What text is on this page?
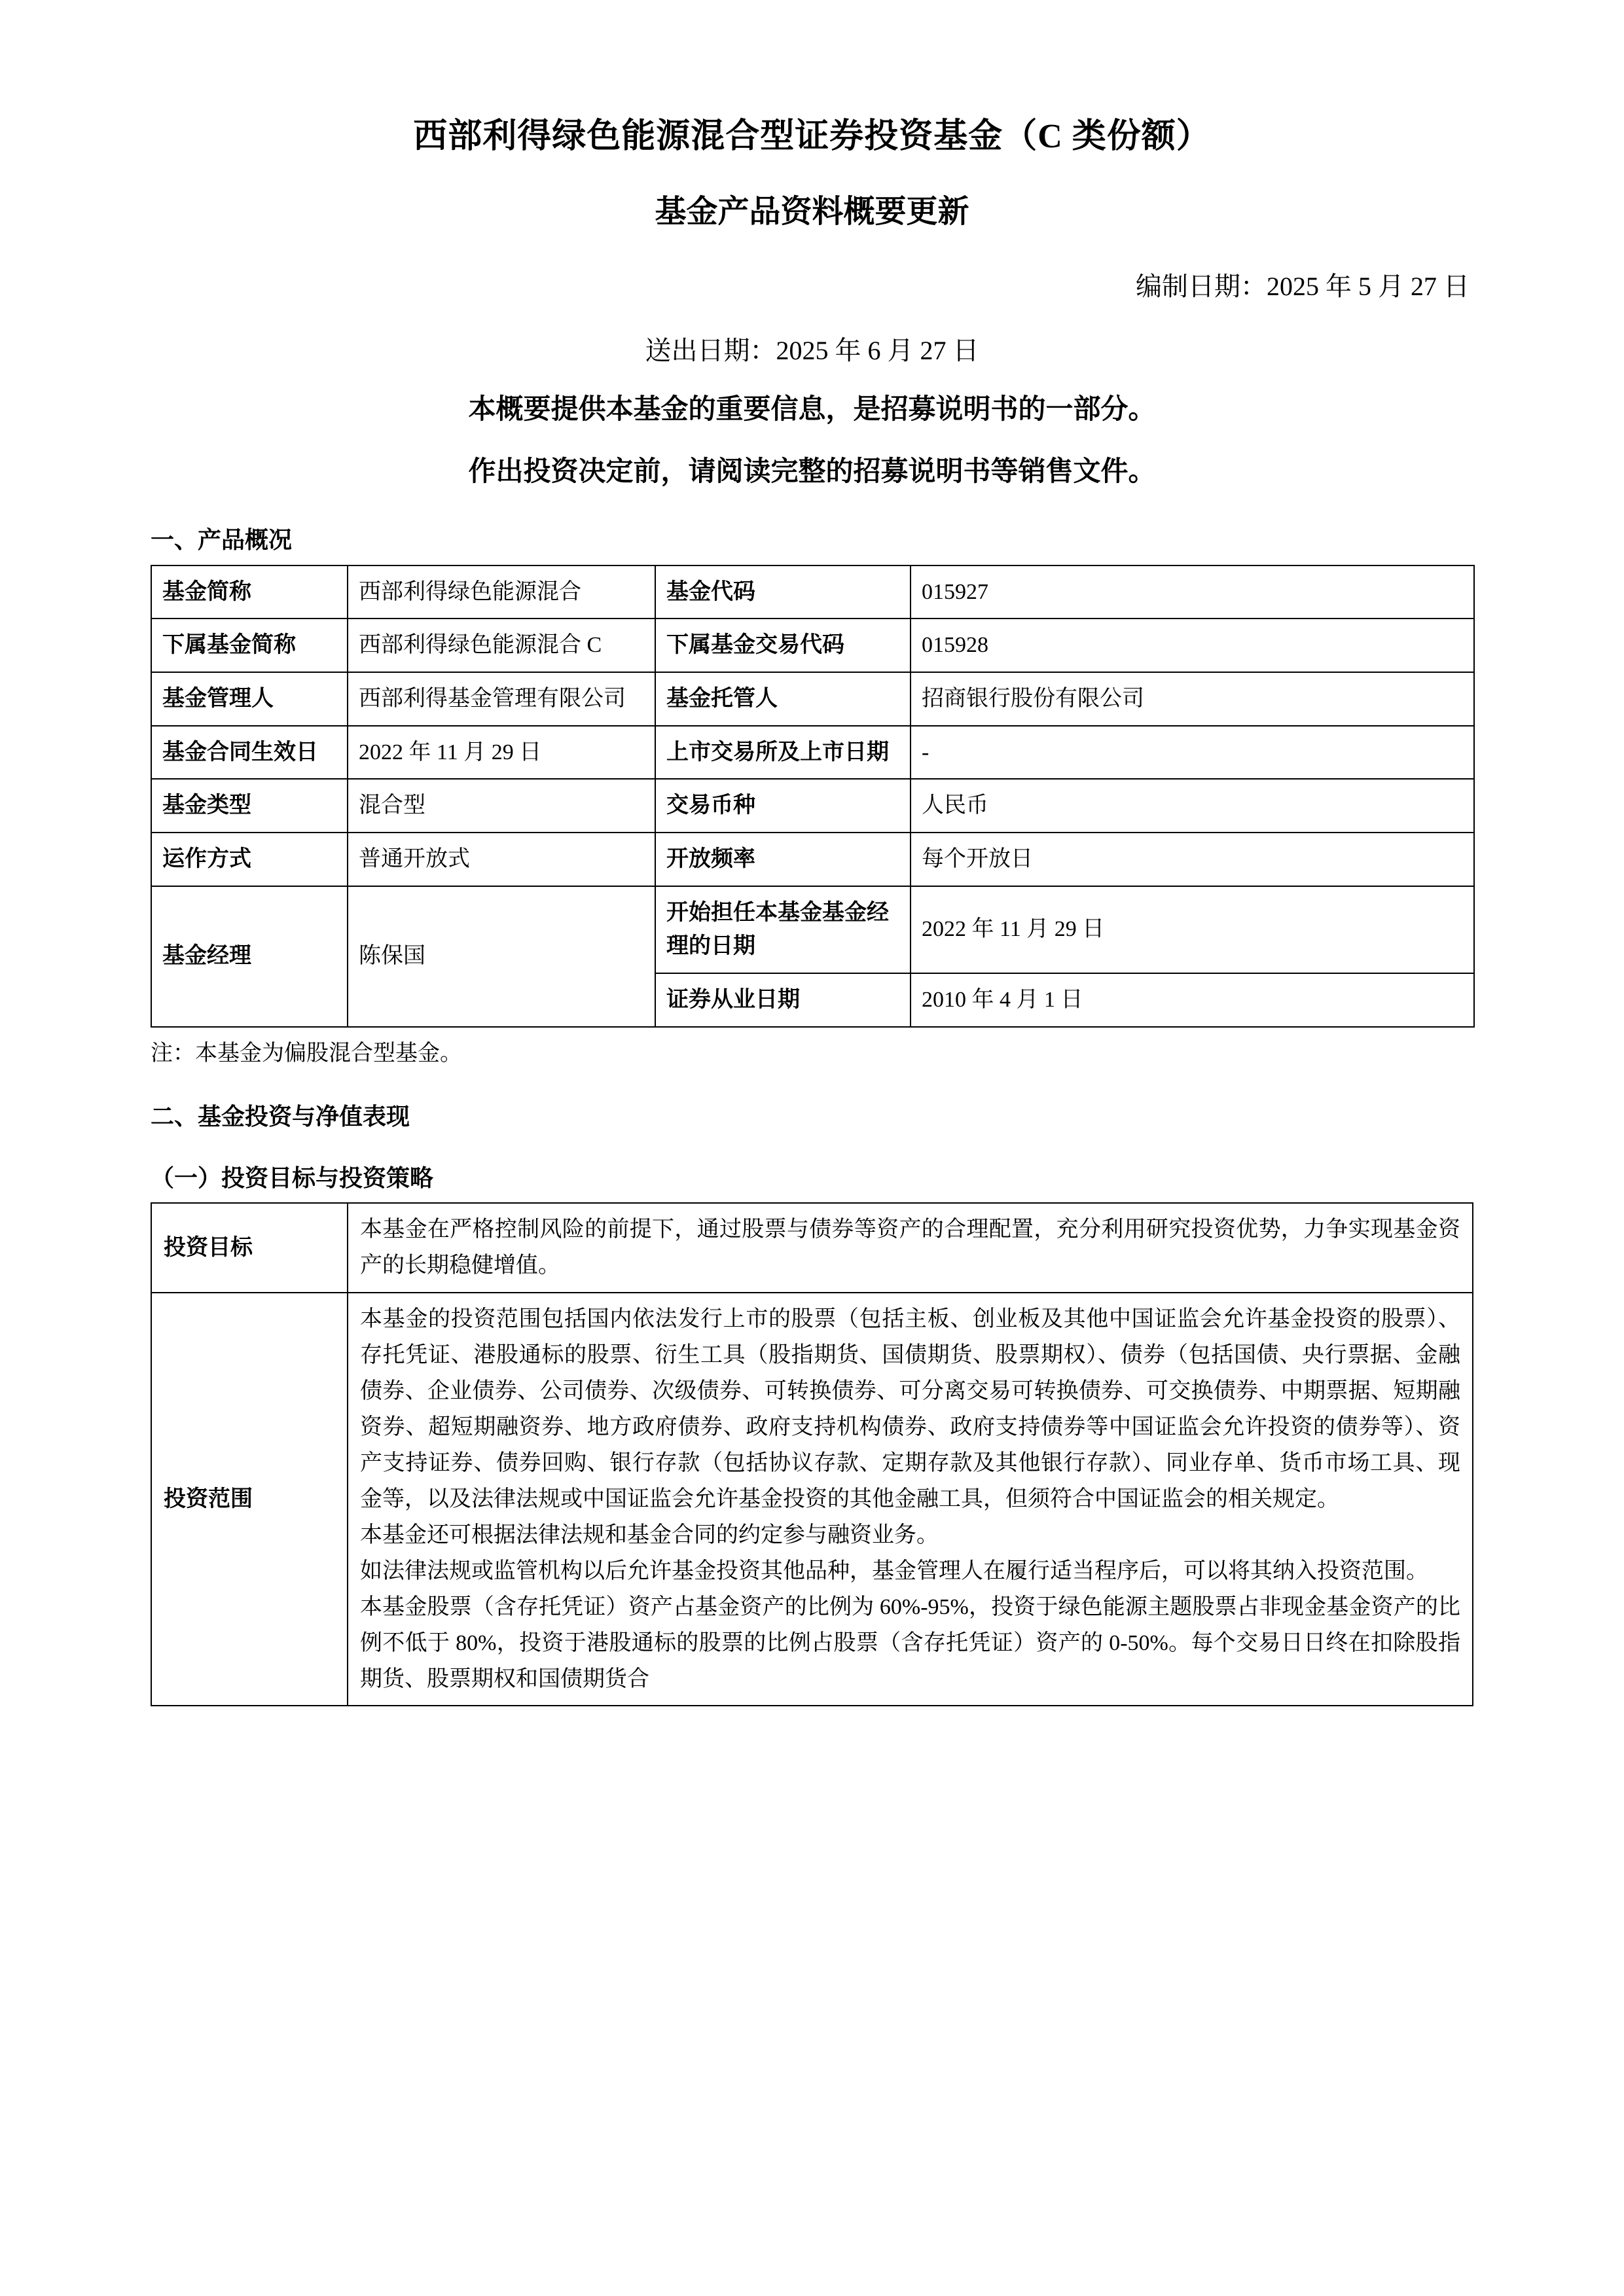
西部利得绿色能源混合型证券投资基金（C 类份额）
基金产品资料概要更新
编制日期：2025 年 5 月 27 日
送出日期：2025 年 6 月 27 日
本概要提供本基金的重要信息，是招募说明书的一部分。
作出投资决定前，请阅读完整的招募说明书等销售文件。
一、产品概况
基金简称	西部利得绿色能源混合	基金代码	015927
下属基金简称	西部利得绿色能源混合 C	下属基金交易代码	015928
基金管理人	西部利得基金管理有限公司	基金托管人	招商银行股份有限公司
基金合同生效日	2022 年 11 月 29 日	上市交易所及上市日期	-
基金类型	混合型	交易币种	人民币
运作方式	普通开放式	开放频率	每个开放日
基金经理	陈保国	开始担任本基金基金经理的日期	2022 年 11 月 29 日
		证券从业日期	2010 年 4 月 1 日
注：本基金为偏股混合型基金。
二、基金投资与净值表现
（一）投资目标与投资策略
投资目标	本基金在严格控制风险的前提下，通过股票与债券等资产的合理配置，充分利用研究投资优势，力争实现基金资产的长期稳健增值。
投资范围	本基金的投资范围包括国内依法发行上市的股票（包括主板、创业板及其他中国证监会允许基金投资的股票）、存托凭证、港股通标的股票、衍生工具（股指期货、国债期货、股票期权）、债券（包括国债、央行票据、金融债券、企业债券、公司债券、次级债券、可转换债券、可分离交易可转换债券、可交换债券、中期票据、短期融资券、超短期融资券、地方政府债券、政府支持机构债券、政府支持债券等中国证监会允许投资的债券等）、资产支持证券、债券回购、银行存款（包括协议存款、定期存款及其他银行存款）、同业存单、货币市场工具、现金等，以及法律法规或中国证监会允许基金投资的其他金融工具，但须符合中国证监会的相关规定。

本基金还可根据法律法规和基金合同的约定参与融资业务。

如法律法规或监管机构以后允许基金投资其他品种，基金管理人在履行适当程序后，可以将其纳入投资范围。

本基金股票（含存托凭证）资产占基金资产的比例为 60%-95%，投资于绿色能源主题股票占非现金基金资产的比例不低于 80%，投资于港股通标的股票的比例占股票（含存托凭证）资产的 0-50%。每个交易日日终在扣除股指期货、股票期权和国债期货合
